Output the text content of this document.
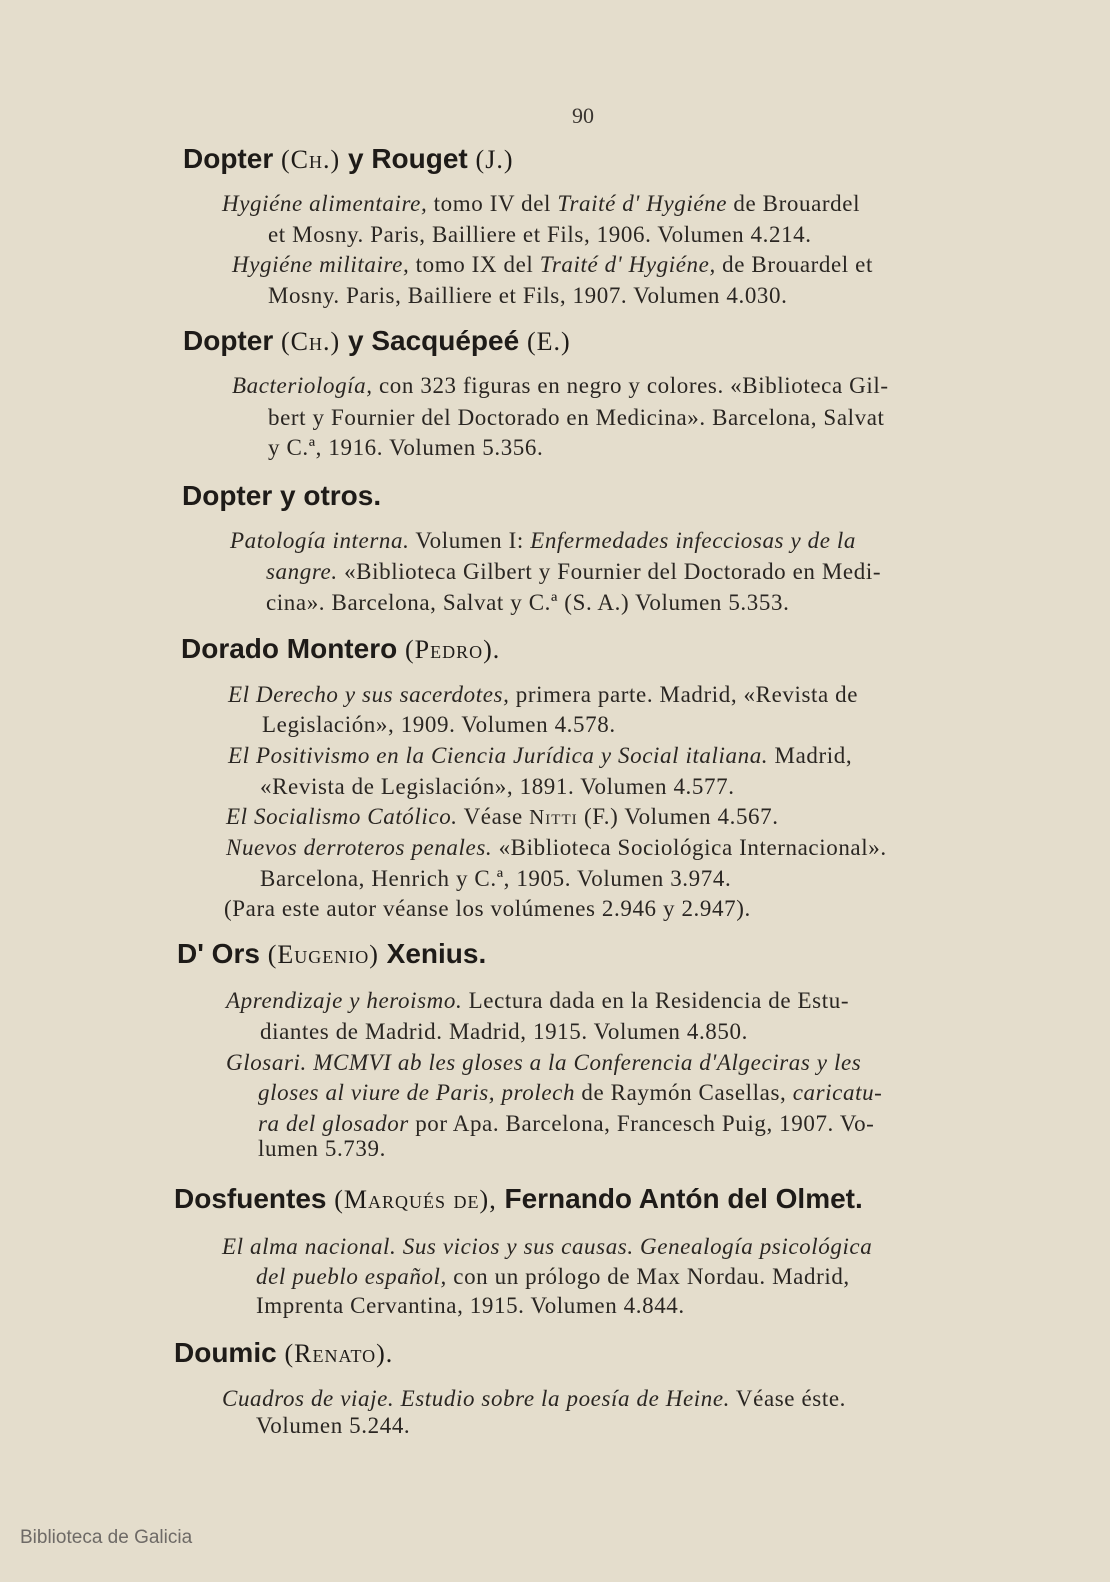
90
Dopter (Ch.) y Rouget (J.)
Hygiéne alimentaire, tomo IV del Traité d' Hygiéne de Brouardel
et Mosny. Paris, Bailliere et Fils, 1906. Volumen 4.214.
Hygiéne militaire, tomo IX del Traité d' Hygiéne, de Brouardel et
Mosny. Paris, Bailliere et Fils, 1907. Volumen 4.030.
Dopter (Ch.) y Sacquépeé (E.)
Bacteriología, con 323 figuras en negro y colores. «Biblioteca Gil-
bert y Fournier del Doctorado en Medicina». Barcelona, Salvat
y C.ª, 1916. Volumen 5.356.
Dopter y otros.
Patología interna. Volumen I: Enfermedades infecciosas y de la
sangre. «Biblioteca Gilbert y Fournier del Doctorado en Medi-
cina». Barcelona, Salvat y C.ª (S. A.) Volumen 5.353.
Dorado Montero (Pedro).
El Derecho y sus sacerdotes, primera parte. Madrid, «Revista de
Legislación», 1909. Volumen 4.578.
El Positivismo en la Ciencia Jurídica y Social italiana. Madrid,
«Revista de Legislación», 1891. Volumen 4.577.
El Socialismo Católico. Véase Nitti (F.) Volumen 4.567.
Nuevos derroteros penales. «Biblioteca Sociológica Internacional».
Barcelona, Henrich y C.ª, 1905. Volumen 3.974.
(Para este autor véanse los volúmenes 2.946 y 2.947).
D' Ors (Eugenio) Xenius.
Aprendizaje y heroismo. Lectura dada en la Residencia de Estu-
diantes de Madrid. Madrid, 1915. Volumen 4.850.
Glosari. MCMVI ab les gloses a la Conferencia d'Algeciras y les
gloses al viure de Paris, prolech de Raymón Casellas, caricatu-
ra del glosador por Apa. Barcelona, Francesch Puig, 1907. Vo-
lumen 5.739.
Dosfuentes (Marqués de), Fernando Antón del Olmet.
El alma nacional. Sus vicios y sus causas. Genealogía psicológica
del pueblo español, con un prólogo de Max Nordau. Madrid,
Imprenta Cervantina, 1915. Volumen 4.844.
Doumic (Renato).
Cuadros de viaje. Estudio sobre la poesía de Heine. Véase éste.
Volumen 5.244.
Biblioteca de Galicia
